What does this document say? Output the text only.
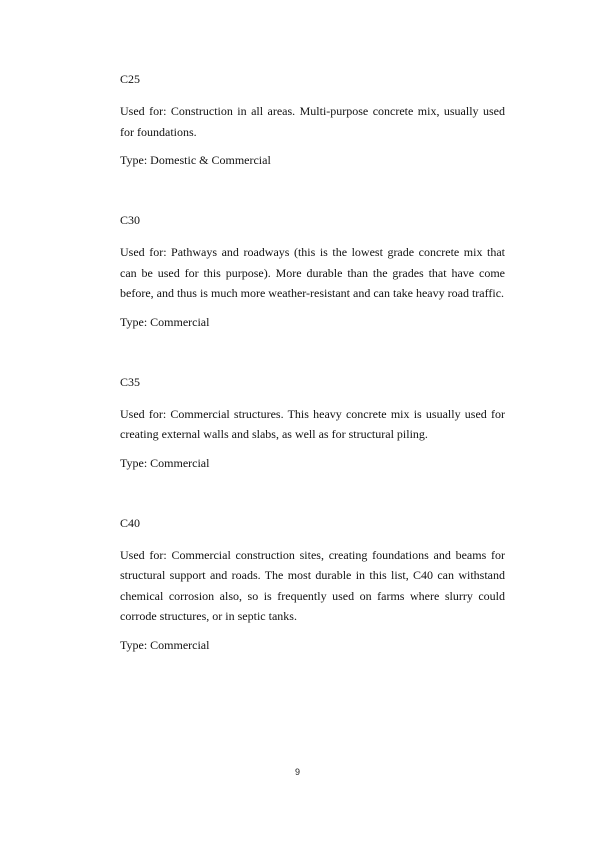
C25

Used for: Construction in all areas. Multi-purpose concrete mix, usually used for foundations.

Type: Domestic & Commercial

C30

Used for: Pathways and roadways (this is the lowest grade concrete mix that can be used for this purpose). More durable than the grades that have come before, and thus is much more weather-resistant and can take heavy road traffic.

Type: Commercial

C35

Used for: Commercial structures. This heavy concrete mix is usually used for creating external walls and slabs, as well as for structural piling.

Type: Commercial

C40

Used for: Commercial construction sites, creating foundations and beams for structural support and roads. The most durable in this list, C40 can withstand chemical corrosion also, so is frequently used on farms where slurry could corrode structures, or in septic tanks.

Type: Commercial

9
